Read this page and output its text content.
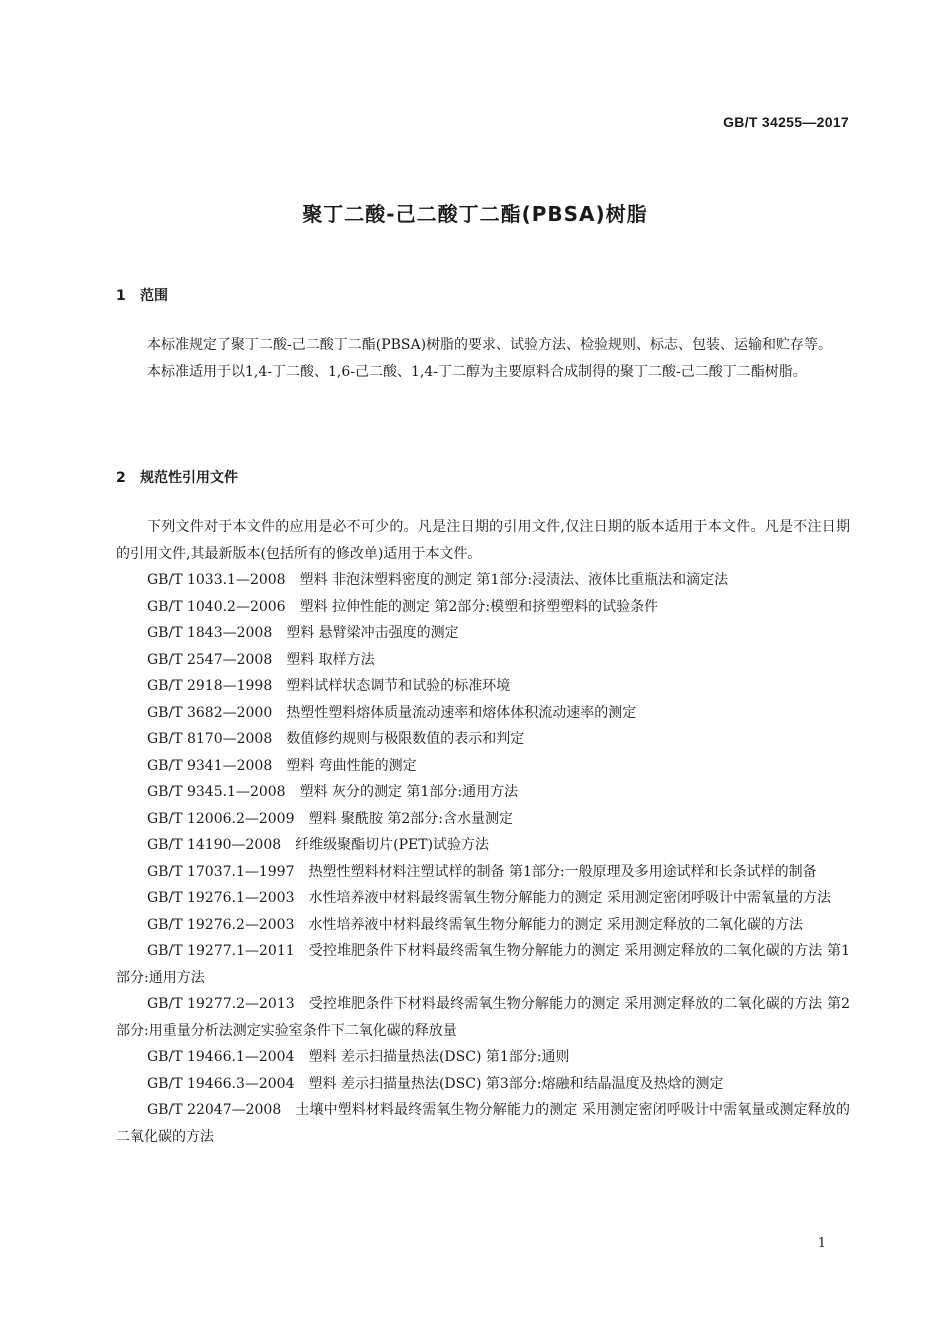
GB/T 34255—2017
聚丁二酸-己二酸丁二酯(PBSA)树脂
1 范围

本标准规定了聚丁二酸-己二酸丁二酯(PBSA)树脂的要求、试验方法、检验规则、标志、包装、运输和贮存等。

本标准适用于以1,4-丁二酸、1,6-己二酸、1,4-丁二醇为主要原料合成制得的聚丁二酸-己二酸丁二酯树脂。

2 规范性引用文件

下列文件对于本文件的应用是必不可少的。凡是注日期的引用文件,仅注日期的版本适用于本文件。凡是不注日期的引用文件,其最新版本(包括所有的修改单)适用于本文件。

GB/T 1033.1—2008 塑料 非泡沫塑料密度的测定 第1部分:浸渍法、液体比重瓶法和滴定法

GB/T 1040.2—2006 塑料 拉伸性能的测定 第2部分:模塑和挤塑塑料的试验条件

GB/T 1843—2008 塑料 悬臂梁冲击强度的测定

GB/T 2547—2008 塑料 取样方法

GB/T 2918—1998 塑料试样状态调节和试验的标准环境

GB/T 3682—2000 热塑性塑料熔体质量流动速率和熔体体积流动速率的测定

GB/T 8170—2008 数值修约规则与极限数值的表示和判定

GB/T 9341—2008 塑料 弯曲性能的测定

GB/T 9345.1—2008 塑料 灰分的测定 第1部分:通用方法

GB/T 12006.2—2009 塑料 聚酰胺 第2部分:含水量测定

GB/T 14190—2008 纤维级聚酯切片(PET)试验方法

GB/T 17037.1—1997 热塑性塑料材料注塑试样的制备 第1部分:一般原理及多用途试样和长条试样的制备

GB/T 19276.1—2003 水性培养液中材料最终需氧生物分解能力的测定 采用测定密闭呼吸计中需氧量的方法

GB/T 19276.2—2003 水性培养液中材料最终需氧生物分解能力的测定 采用测定释放的二氧化碳的方法

GB/T 19277.1—2011 受控堆肥条件下材料最终需氧生物分解能力的测定 采用测定释放的二氧化碳的方法 第1部分:通用方法

GB/T 19277.2—2013 受控堆肥条件下材料最终需氧生物分解能力的测定 采用测定释放的二氧化碳的方法 第2部分:用重量分析法测定实验室条件下二氧化碳的释放量

GB/T 19466.1—2004 塑料 差示扫描量热法(DSC) 第1部分:通则

GB/T 19466.3—2004 塑料 差示扫描量热法(DSC) 第3部分:熔融和结晶温度及热焓的测定

GB/T 22047—2008 土壤中塑料材料最终需氧生物分解能力的测定 采用测定密闭呼吸计中需氧量或测定释放的二氧化碳的方法

1
